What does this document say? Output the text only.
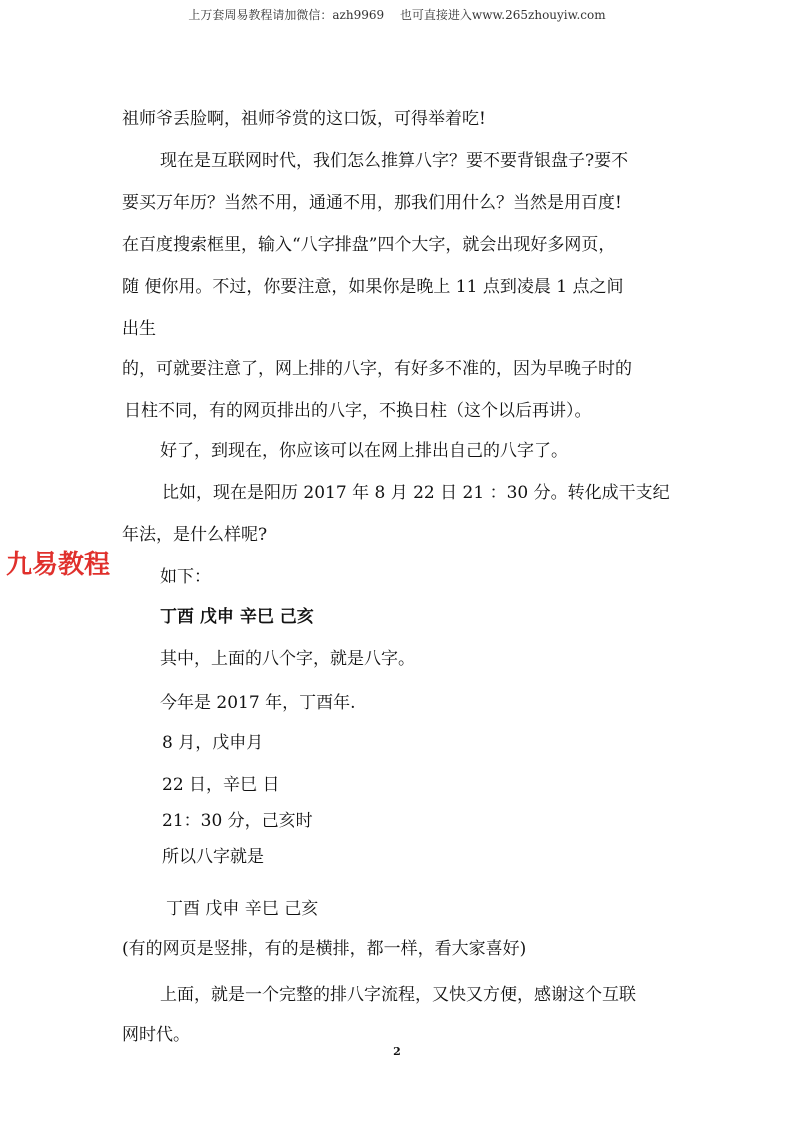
上万套周易教程请加微信：azh9969　 也可直接进入www.265zhouyiw.com
九易教程
祖师爷丢脸啊，祖师爷赏的这口饭，可得举着吃!
现在是互联网时代，我们怎么推算八字？要不要背银盘子?要不
要买万年历？当然不用，通通不用，那我们用什么？当然是用百度!
在百度搜索框里，输入“八字排盘”四个大字，就会出现好多网页，
随 便你用。不过，你要注意，如果你是晚上 11 点到凌晨 1 点之间
出生
的，可就要注意了，网上排的八字，有好多不准的，因为早晚子时的
日柱不同，有的网页排出的八字，不换日柱（这个以后再讲）。
好了，到现在，你应该可以在网上排出自己的八字了。
比如，现在是阳历 2017 年 8 月 22 日 21 ：30 分。转化成干支纪
年法，是什么样呢?
如下：
丁酉 戊申 辛巳 己亥
其中，上面的八个字，就是八字。
今年是 2017 年，丁酉年.
8 月，戊申月
22 日，辛巳 日
21：30 分，己亥时
所以八字就是
丁酉 戊申 辛巳 己亥
(有的网页是竖排，有的是横排，都一样，看大家喜好)
上面，就是一个完整的排八字流程，又快又方便，感谢这个互联
网时代。
2
